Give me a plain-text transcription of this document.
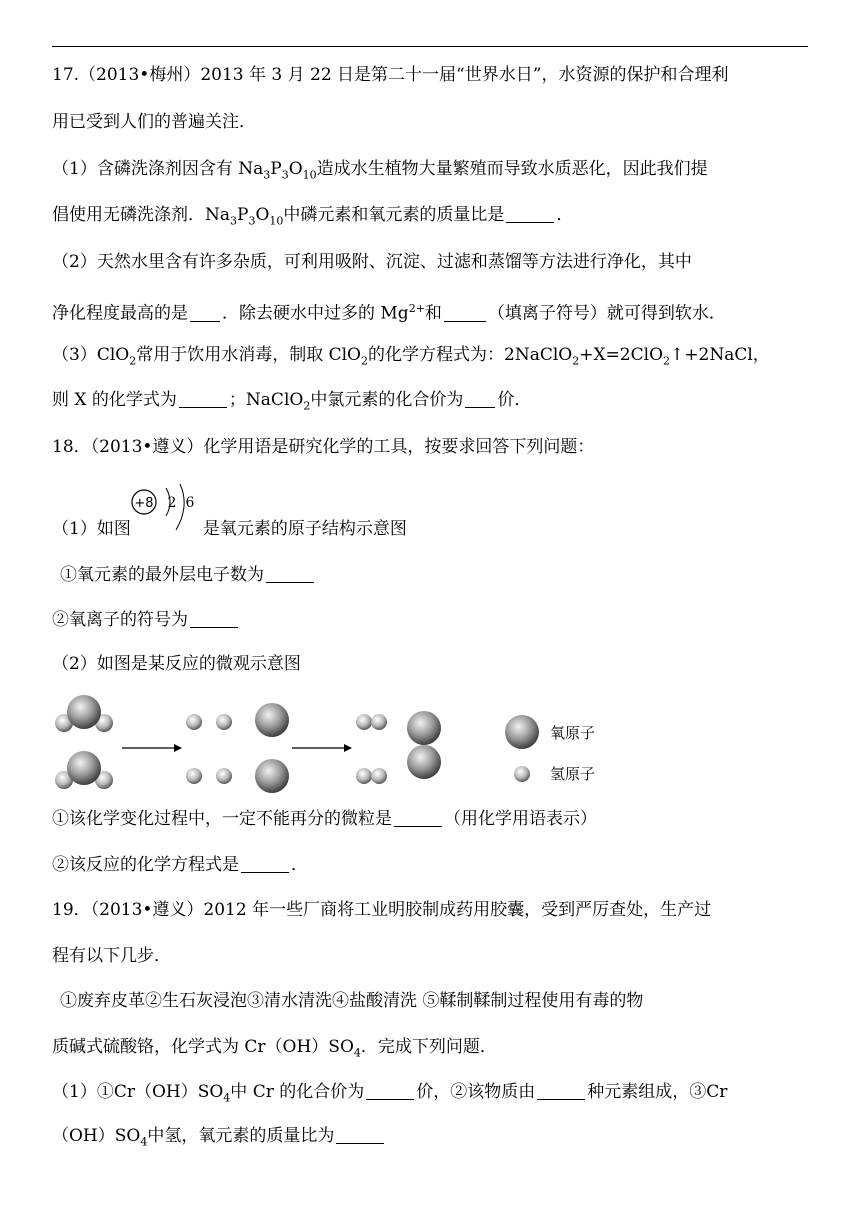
17.（2013•梅州）2013 年 3 月 22 日是第二十一届“世界水日”，水资源的保护和合理利
用已受到人们的普遍关注．
（1）含磷洗涤剂因含有 $Na_3P_3O_{10}$造成水生植物大量繁殖而导致水质恶化，因此我们提
倡使用无磷洗涤剂．$Na_3P_3O_{10}$中磷元素和氧元素的质量比是	．
（2）天然水里含有许多杂质，可利用吸附、沉淀、过滤和蒸馏等方法进行净化，其中
净化程度最高的是 ．除去硬水中过多的 $Mg^{2+}$和	（填离子符号）就可得到软水．
（3）ClO$_2$常用于饮用水消毒，制取 ClO$_2$的化学方程式为：2NaClO$_2$+X=2ClO$_2$↑+2NaCl，
则 X 的化学式为	；NaClO$_2$中氯元素的化合价为 价．
18．（2013•遵义）化学用语是研究化学的工具，按要求回答下列问题：
+8 2 6
（1）如图	是氧元素的原子结构示意图
①氧元素的最外层电子数为
②氧离子的符号为
（2）如图是某反应的微观示意图
氧原子
氢原子
①该化学变化过程中，一定不能再分的微粒是	（用化学用语表示）
②该反应的化学方程式是	．
19．（2013•遵义）2012 年一些厂商将工业明胶制成药用胶囊，受到严厉查处，生产过
程有以下几步．
①废弃皮革②生石灰浸泡③清水清洗④盐酸清洗 ⑤鞣制鞣制过程使用有毒的物
质碱式硫酸铬，化学式为 $Cr(OH)SO_4$．完成下列问题．
$(1)①Cr(OH)SO_4$中 Cr 的化合价为	价，②该物质由	种元素组成，③Cr
$(OH)SO_4$中氢，氧元素的质量比为
